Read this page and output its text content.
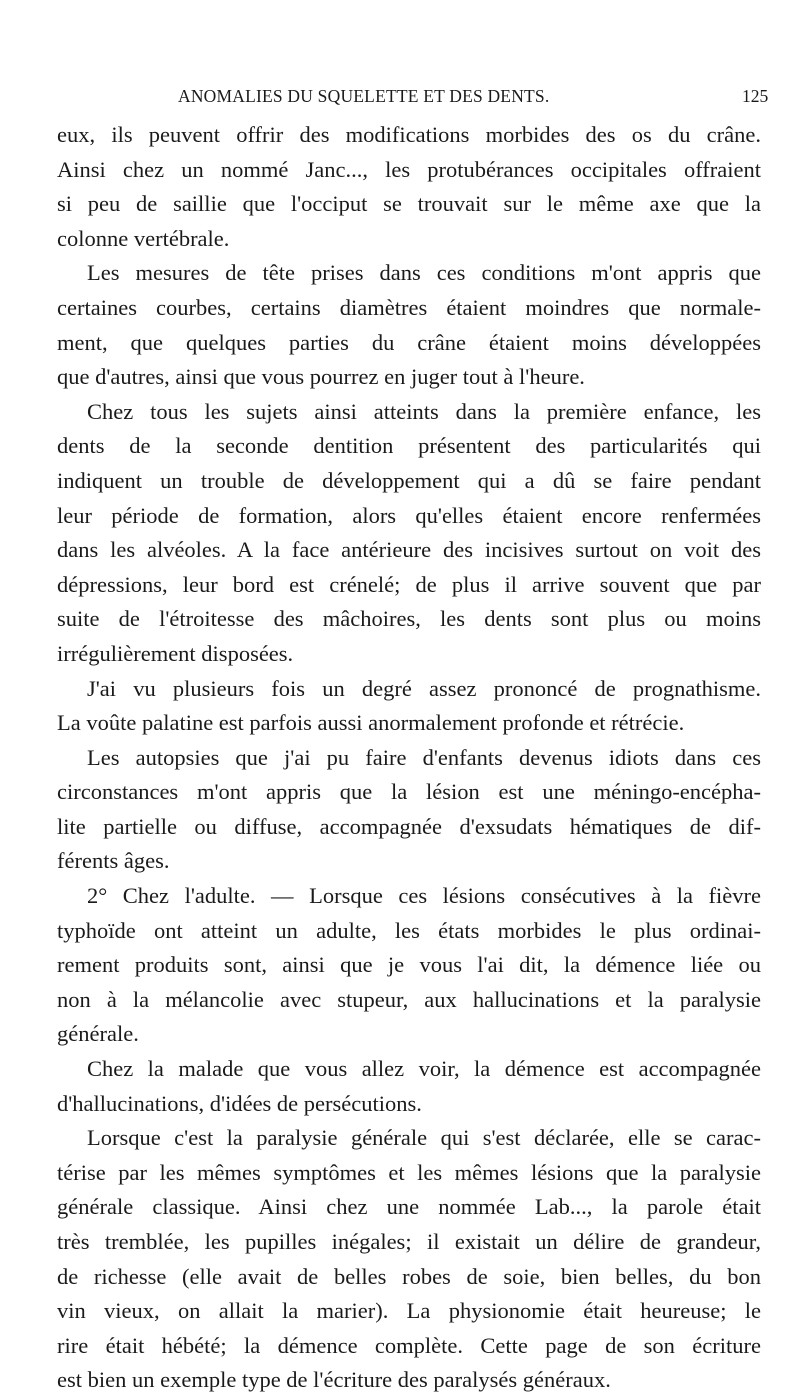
ANOMALIES DU SQUELETTE ET DES DENTS.	125
eux, ils peuvent offrir des modifications morbides des os du crâne.
Ainsi chez un nommé Janc..., les protubérances occipitales offraient
si peu de saillie que l'occiput se trouvait sur le même axe que la
colonne vertébrale.
Les mesures de tête prises dans ces conditions m'ont appris que
certaines courbes, certains diamètres étaient moindres que normale-
ment, que quelques parties du crâne étaient moins développées
que d'autres, ainsi que vous pourrez en juger tout à l'heure.
Chez tous les sujets ainsi atteints dans la première enfance, les
dents de la seconde dentition présentent des particularités qui
indiquent un trouble de développement qui a dû se faire pendant
leur période de formation, alors qu'elles étaient encore renfermées
dans les alvéoles. A la face antérieure des incisives surtout on voit des
dépressions, leur bord est crénelé; de plus il arrive souvent que par
suite de l'étroitesse des mâchoires, les dents sont plus ou moins
irrégulièrement disposées.
J'ai vu plusieurs fois un degré assez prononcé de prognathisme.
La voûte palatine est parfois aussi anormalement profonde et rétrécie.
Les autopsies que j'ai pu faire d'enfants devenus idiots dans ces
circonstances m'ont appris que la lésion est une méningo-encépha-
lite partielle ou diffuse, accompagnée d'exsudats hématiques de dif-
férents âges.
2° Chez l'adulte. — Lorsque ces lésions consécutives à la fièvre
typhoïde ont atteint un adulte, les états morbides le plus ordinai-
rement produits sont, ainsi que je vous l'ai dit, la démence liée ou
non à la mélancolie avec stupeur, aux hallucinations et la paralysie
générale.
Chez la malade que vous allez voir, la démence est accompagnée
d'hallucinations, d'idées de persécutions.
Lorsque c'est la paralysie générale qui s'est déclarée, elle se carac-
térise par les mêmes symptômes et les mêmes lésions que la paralysie
générale classique. Ainsi chez une nommée Lab..., la parole était
très tremblée, les pupilles inégales; il existait un délire de grandeur,
de richesse (elle avait de belles robes de soie, bien belles, du bon
vin vieux, on allait la marier). La physionomie était heureuse; le
rire était hébété; la démence complète. Cette page de son écriture
est bien un exemple type de l'écriture des paralysés généraux.
